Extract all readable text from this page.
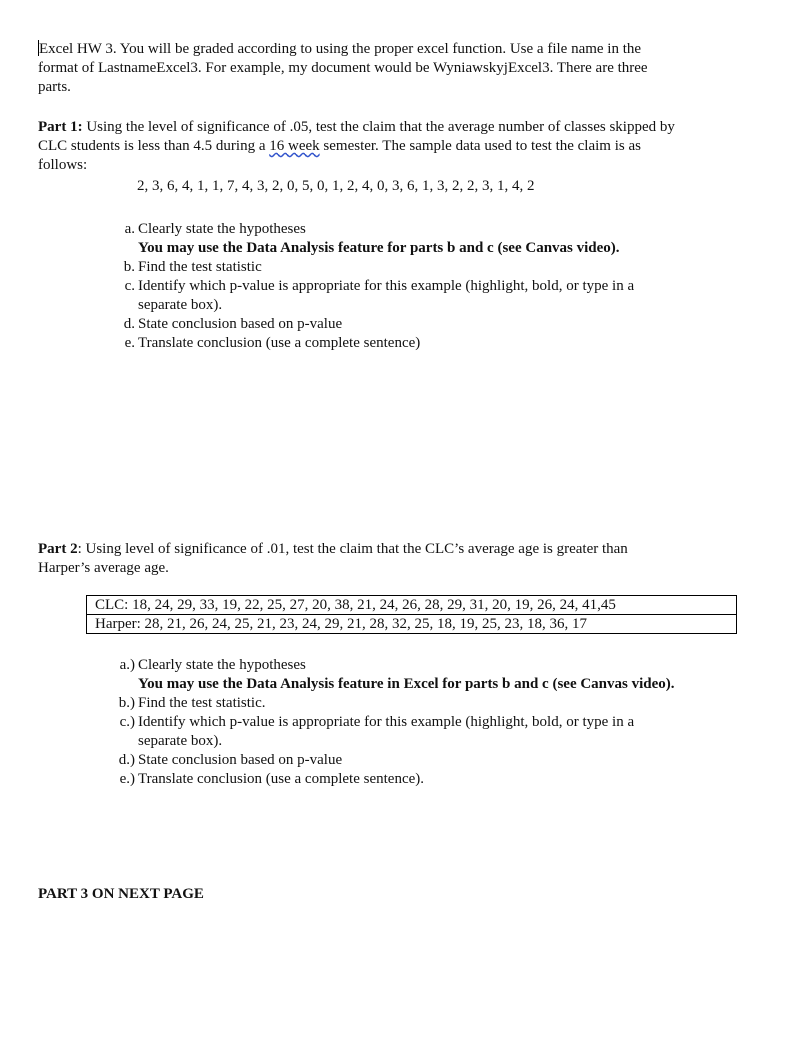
Excel HW 3. You will be graded according to using the proper excel function. Use a file name in the
format of LastnameExcel3. For example, my document would be WyniawskyjExcel3. There are three
parts.
Part 1: Using the level of significance of .05, test the claim that the average number of classes skipped by
CLC students is less than 4.5 during a 16 week semester. The sample data used to test the claim is as
follows:
2, 3, 6, 4, 1, 1, 7, 4, 3, 2, 0, 5, 0, 1, 2, 4, 0, 3, 6, 1, 3, 2, 2, 3, 1, 4, 2
a. Clearly state the hypotheses
You may use the Data Analysis feature for parts b and c (see Canvas video).
b. Find the test statistic
c. Identify which p-value is appropriate for this example (highlight, bold, or type in a
separate box).
d. State conclusion based on p-value
e. Translate conclusion (use a complete sentence)
Part 2: Using level of significance of .01, test the claim that the CLC’s average age is greater than
Harper’s average age.
CLC: 18, 24, 29, 33, 19, 22, 25, 27, 20, 38, 21, 24, 26, 28, 29, 31, 20, 19, 26, 24, 41,45
Harper: 28, 21, 26, 24, 25, 21, 23, 24, 29, 21, 28, 32, 25, 18, 19, 25, 23, 18, 36, 17
a.) Clearly state the hypotheses
You may use the Data Analysis feature in Excel for parts b and c (see Canvas video).
b.) Find the test statistic.
c.) Identify which p-value is appropriate for this example (highlight, bold, or type in a
separate box).
d.) State conclusion based on p-value
e.) Translate conclusion (use a complete sentence).
PART 3 ON NEXT PAGE
